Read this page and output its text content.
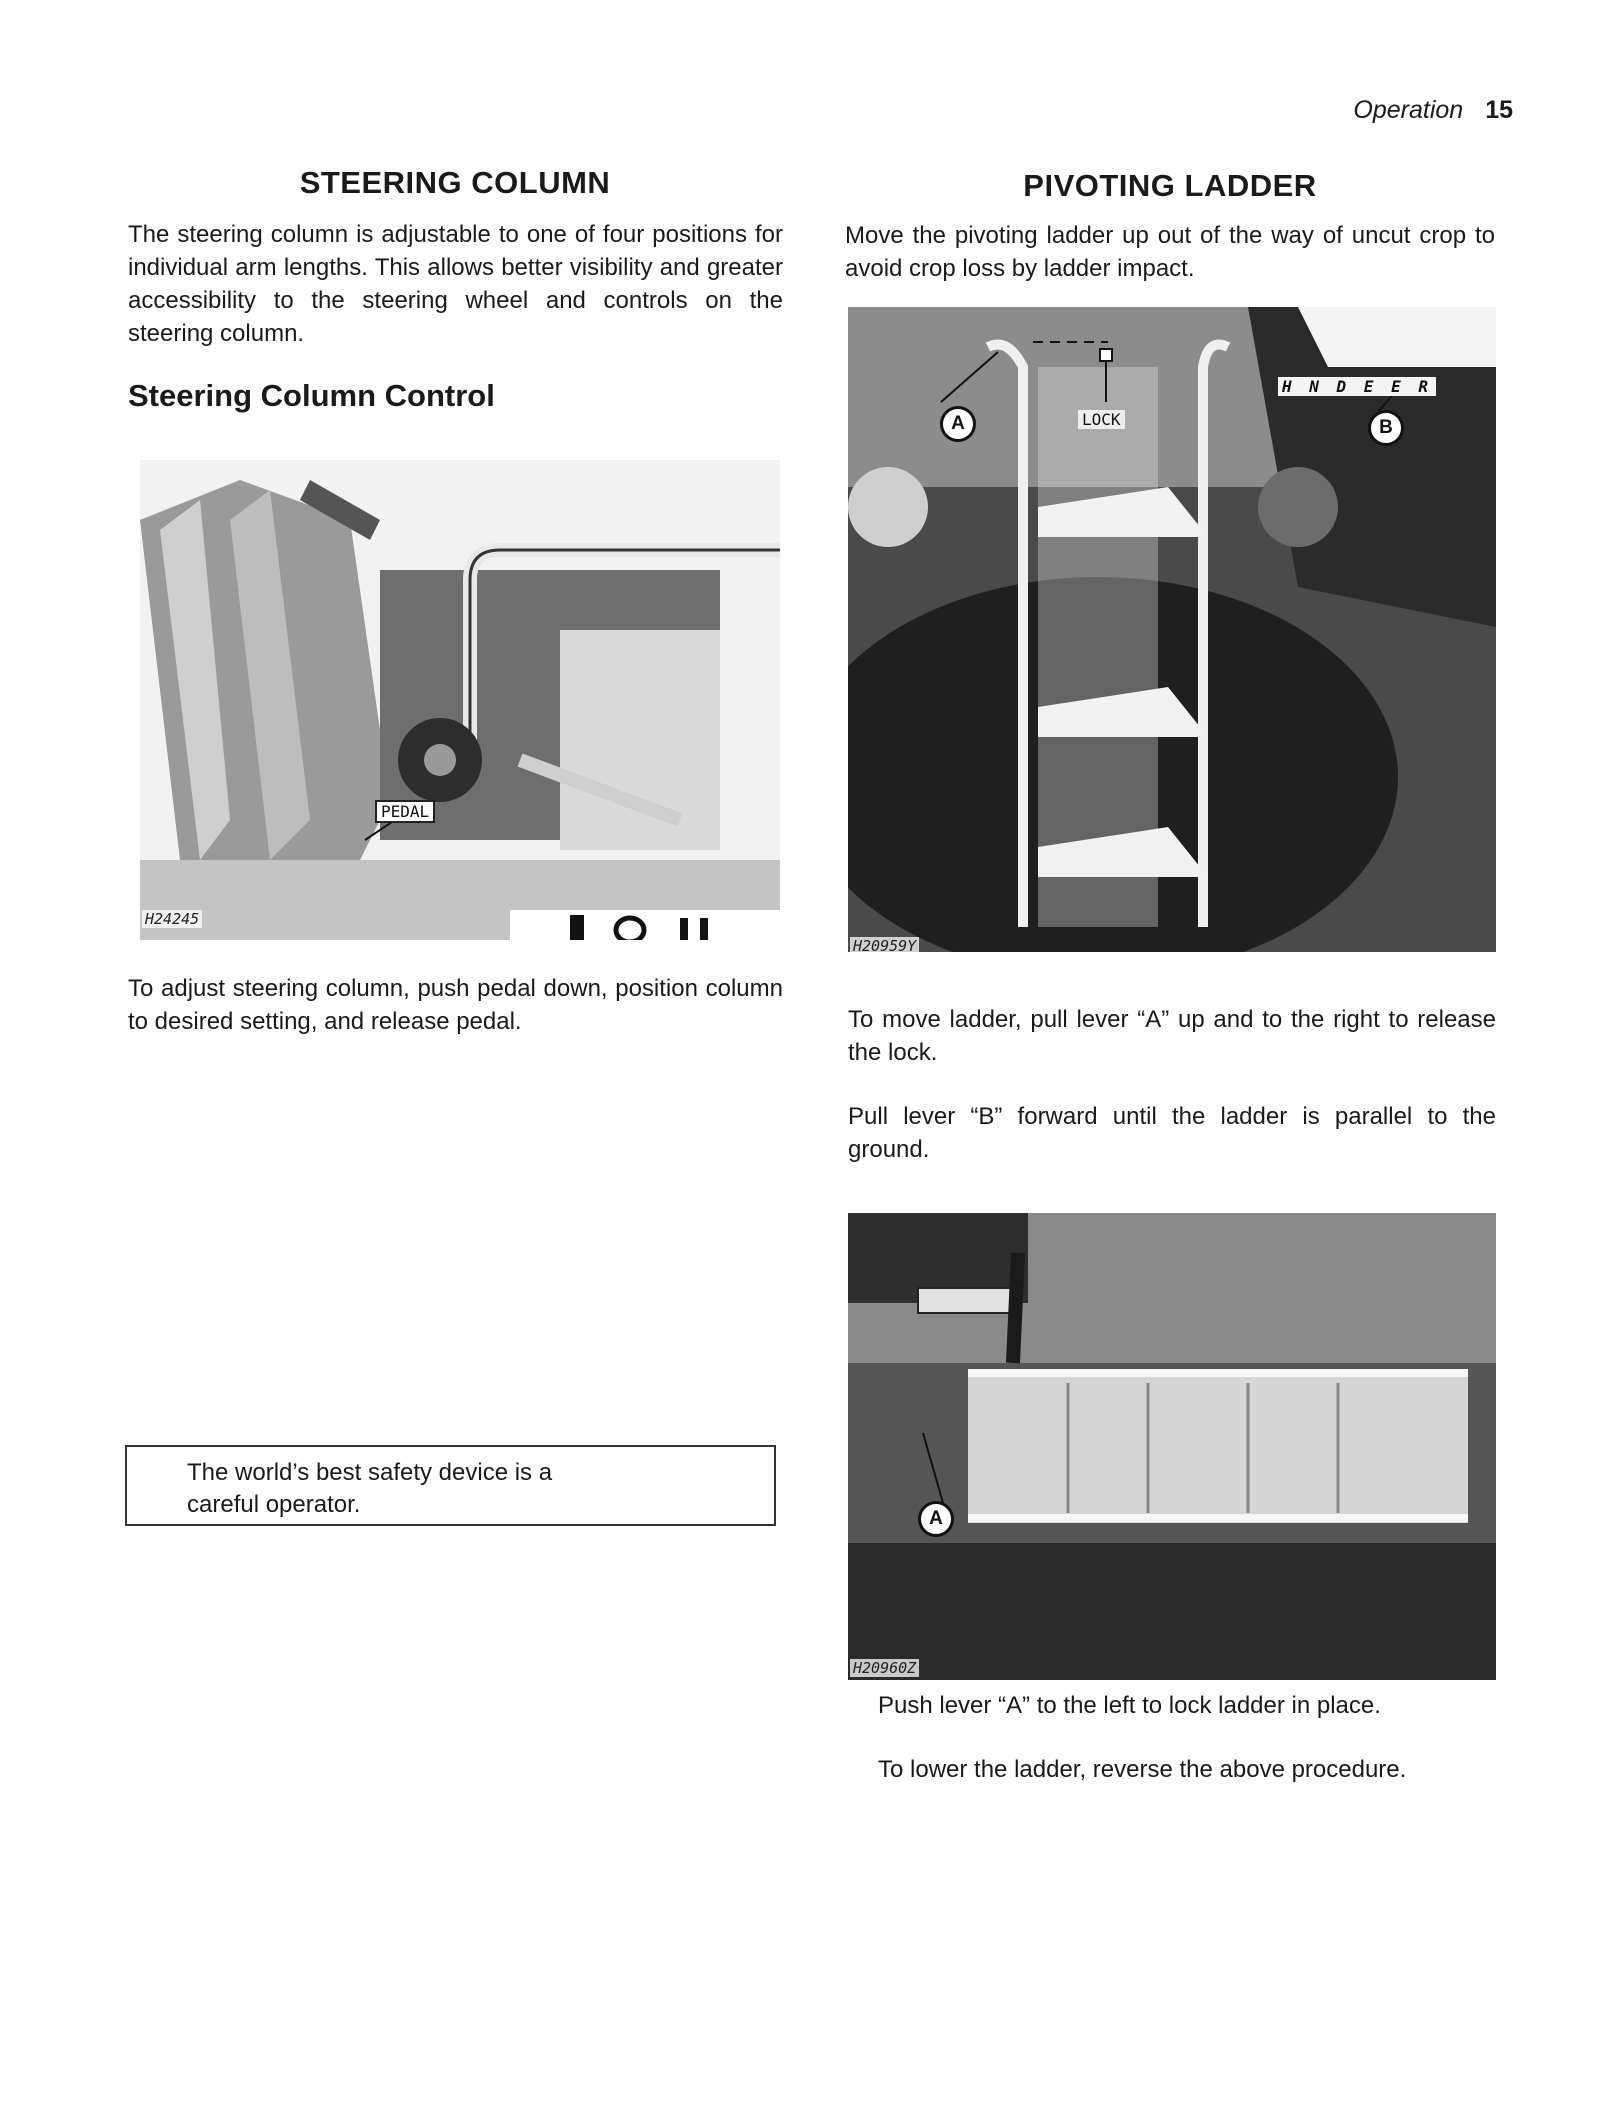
Operation 15
STEERING COLUMN

The steering column is adjustable to one of four positions for individual arm lengths. This allows better visibility and greater accessibility to the steering wheel and controls on the steering column.

Steering Column Control
PEDAL
H24245

To adjust steering column, push pedal down, position column to desired setting, and release pedal.

The world’s best safety device is a careful operator.

PIVOTING LADDER

Move the pivoting ladder up out of the way of uncut crop to avoid crop loss by ladder impact.

LOCK
H N D E E R
A	B
H20959Y

To move ladder, pull lever “A” up and to the right to release the lock.

Pull lever “B” forward until the ladder is parallel to the ground.

A
H20960Z

Push lever “A” to the left to lock ladder in place.

To lower the ladder, reverse the above procedure.
